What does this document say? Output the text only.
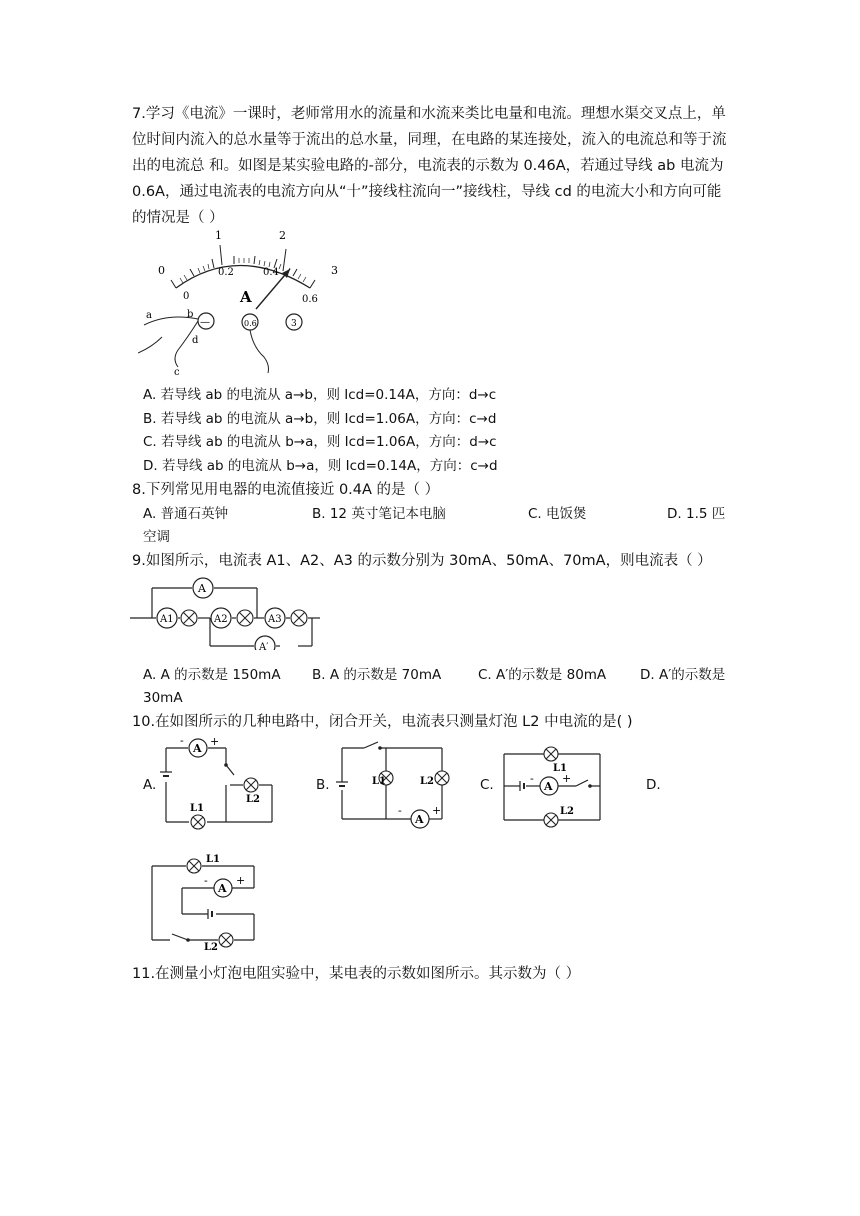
7.学习《电流》一课时，老师常用水的流量和水流来类比电量和电流。理想水渠交叉点上，单位时间内流入的总水量等于流出的总水量，同理，在电路的某连接处，流入的电流总和等于流出的电流总 和。如图是某实验电路的-部分，电流表的示数为 0.46A，若通过导线 ab 电流为 0.6A，通过电流表的电流方向从“十”接线柱流向一”接线柱，导线 cd 的电流大小和方向可能的情况是（ ）
0
1	2
3
0
0.2	0.4
0.6
A
—	0.6	3
a	b
d
c
A. 若导线 ab 的电流从 a→b，则 Icd=0.14A，方向：d→c
B. 若导线 ab 的电流从 a→b，则 Icd=1.06A，方向：c→d
C. 若导线 ab 的电流从 b→a，则 Icd=1.06A，方向：d→c
D. 若导线 ab 的电流从 b→a，则 Icd=0.14A，方向：c→d
8.下列常见用电器的电流值接近 0.4A 的是（ ）
A. 普通石英钟	B. 12 英寸笔记本电脑	C. 电饭煲	D. 1.5 匹
空调
9.如图所示，电流表 A1、A2、A3 的示数分别为 30mA、50mA、70mA，则电流表（ ）
A
A1	A2	A3
A′
A. A 的示数是 150mA B. A 的示数是 70mA	C. A′的示数是 80mA	D. A′的示数是
30mA
10.在如图所示的几种电路中，闭合开关，电流表只测量灯泡 L2 中电流的是( )
A.	B.	C.	D.
A
- +
L2
L1
L1	L2
A
-	+
A
-	+
L1
L2
L1
L2
A
-	+
11.在测量小灯泡电阻实验中，某电表的示数如图所示。其示数为（ ）
